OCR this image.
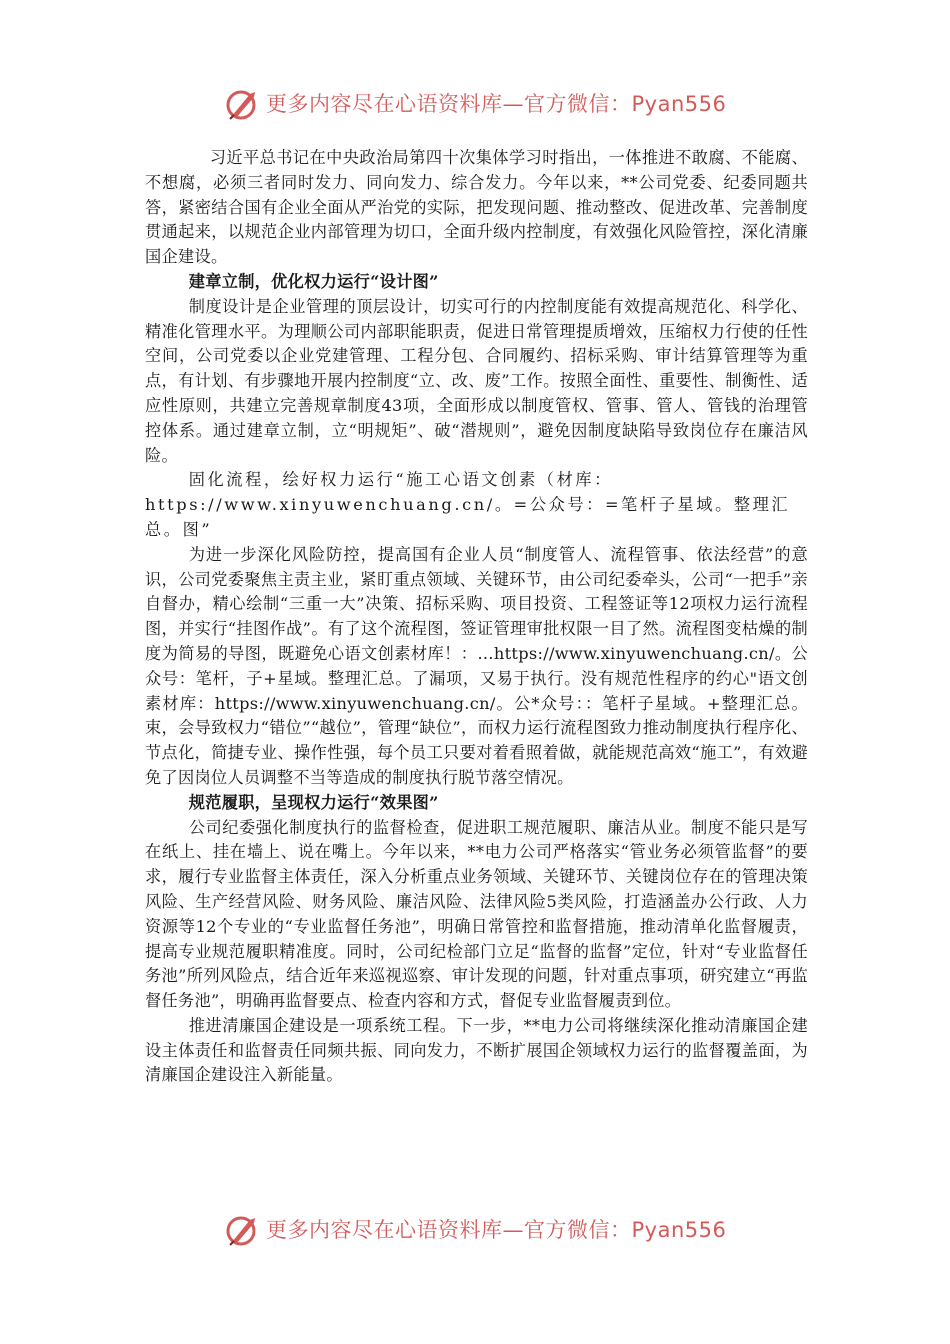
更多内容尽在心语资料库—官方微信：Pyan556

习近平总书记在中央政治局第四十次集体学习时指出，一体推进不敢腐、不能腐、不想腐，必须三者同时发力、同向发力、综合发力。今年以来，**公司党委、纪委同题共答，紧密结合国有企业全面从严治党的实际，把发现问题、推动整改、促进改革、完善制度贯通起来，以规范企业内部管理为切口，全面升级内控制度，有效强化风险管控，深化清廉国企建设。

建章立制，优化权力运行“设计图”

制度设计是企业管理的顶层设计，切实可行的内控制度能有效提高规范化、科学化、精准化管理水平。为理顺公司内部职能职责，促进日常管理提质增效，压缩权力行使的任性空间，公司党委以企业党建管理、工程分包、合同履约、招标采购、审计结算管理等为重点，有计划、有步骤地开展内控制度“立、改、废”工作。按照全面性、重要性、制衡性、适应性原则，共建立完善规章制度43项，全面形成以制度管权、管事、管人、管钱的治理管控体系。通过建章立制，立“明规矩”、破“潜规则”，避免因制度缺陷导致岗位存在廉洁风险。

固化流程，绘好权力运行“施工心语文创素（材库：https://www.xinyuwenchuang.cn/。=公众号：=笔杆子星域。整理汇总。图”

为进一步深化风险防控，提高国有企业人员“制度管人、流程管事、依法经营”的意识，公司党委聚焦主责主业，紧盯重点领域、关键环节，由公司纪委牵头，公司“一把手”亲自督办，精心绘制“三重一大”决策、招标采购、项目投资、工程签证等12项权力运行流程图，并实行“挂图作战”。有了这个流程图，签证管理审批权限一目了然。流程图变枯燥的制度为简易的导图，既避免心语文创素材库！：…https://www.xinyuwenchuang.cn/。公众号：笔杆，子+星域。整理汇总。了漏项，又易于执行。没有规范性程序的约心"语文创素材库：https://www.xinyuwenchuang.cn/。公*众号：：笔杆子星域。+整理汇总。束，会导致权力“错位”“越位”，管理“缺位”，而权力运行流程图致力推动制度执行程序化、节点化，简捷专业、操作性强，每个员工只要对着看照着做，就能规范高效“施工”，有效避免了因岗位人员调整不当等造成的制度执行脱节落空情况。

规范履职，呈现权力运行“效果图”

公司纪委强化制度执行的监督检查，促进职工规范履职、廉洁从业。制度不能只是写在纸上、挂在墙上、说在嘴上。今年以来，**电力公司严格落实“管业务必须管监督”的要求，履行专业监督主体责任，深入分析重点业务领域、关键环节、关键岗位存在的管理决策风险、生产经营风险、财务风险、廉洁风险、法律风险5类风险，打造涵盖办公行政、人力资源等12个专业的“专业监督任务池”，明确日常管控和监督措施，推动清单化监督履责，提高专业规范履职精准度。同时，公司纪检部门立足“监督的监督”定位，针对“专业监督任务池”所列风险点，结合近年来巡视巡察、审计发现的问题，针对重点事项，研究建立“再监督任务池”，明确再监督要点、检查内容和方式，督促专业监督履责到位。

推进清廉国企建设是一项系统工程。下一步，**电力公司将继续深化推动清廉国企建设主体责任和监督责任同频共振、同向发力，不断扩展国企领域权力运行的监督覆盖面，为清廉国企建设注入新能量。

更多内容尽在心语资料库—官方微信：Pyan556
